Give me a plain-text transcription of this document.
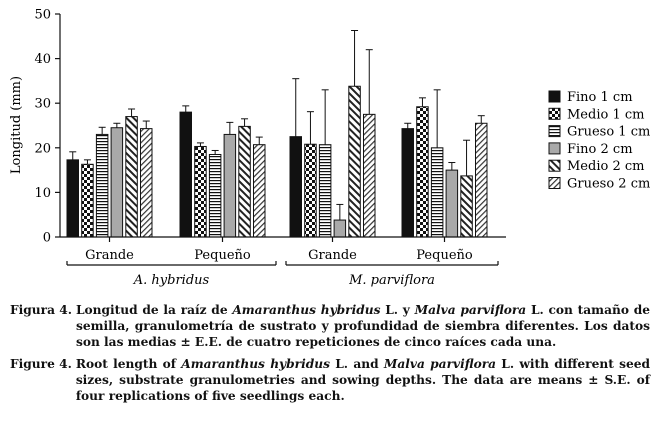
0
10
20
30
40
50
Longitud (mm)
Grande	Pequeño	Grande	Pequeño
A. hybridus	M. parviflora
Fino 1 cm
Medio 1 cm
Grueso 1 cm
Fino 2 cm
Medio 2 cm
Grueso 2 cm
Figura 4. Longitud de la raíz de Amaranthus hybridus L. y Malva parviflora L. con tamaño de semilla, granulometría de sustrato y profundidad de siembra diferentes. Los datos son las medias ± E.E. de cuatro repeticiones de cinco raíces cada una.
Figure 4. Root length of Amaranthus hybridus L. and Malva parviflora L. with different seed sizes, substrate granulometries and sowing depths. The data are means ± S.E. of four replications of five seedlings each.
